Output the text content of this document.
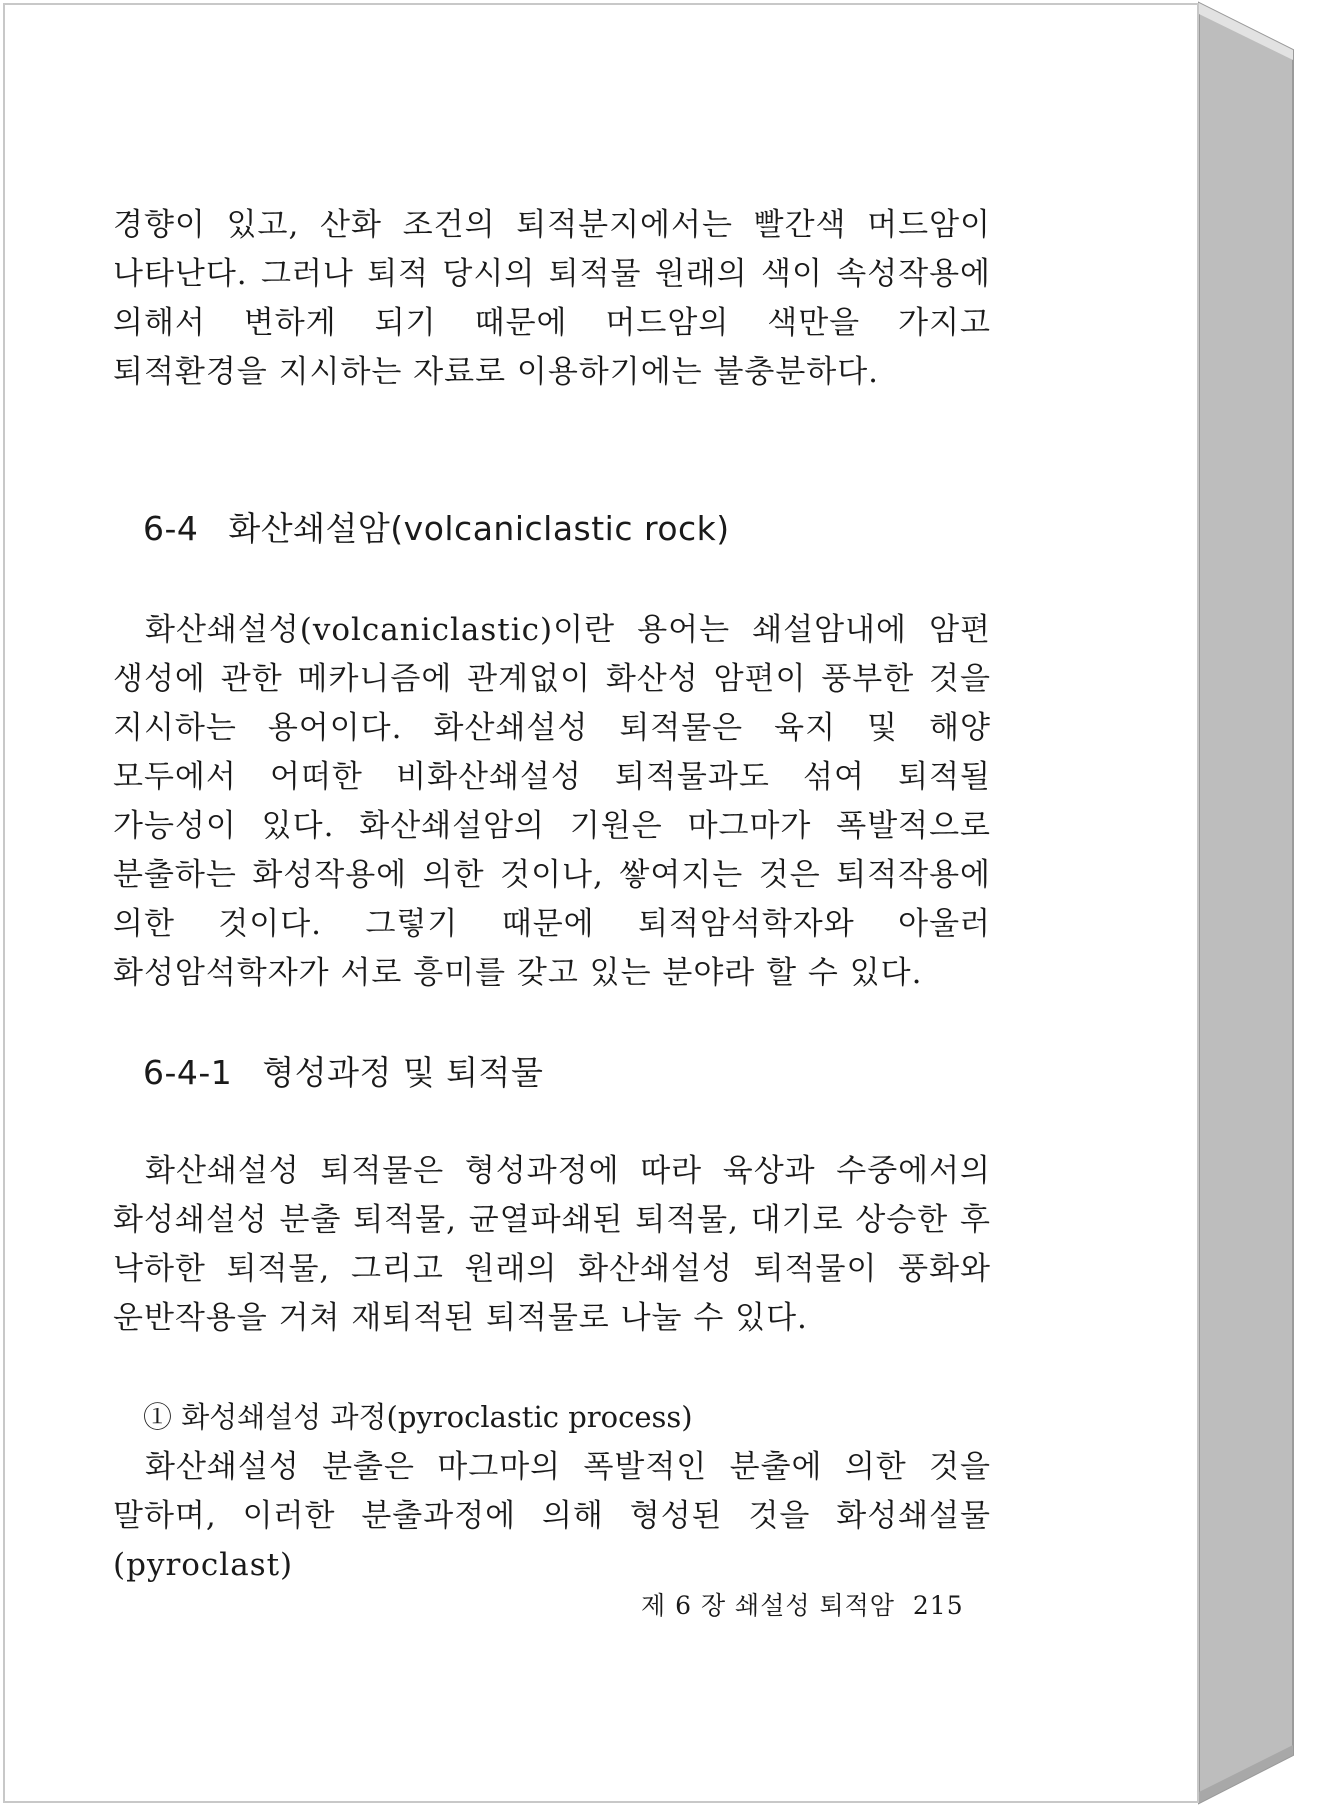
경향이 있고, 산화 조건의 퇴적분지에서는 빨간색 머드암이 나타난다. 그러나 퇴적 당시의 퇴적물 원래의 색이 속성작용에 의해서 변하게 되기 때문에 머드암의 색만을 가지고 퇴적환경을 지시하는 자료로 이용하기에는 불충분하다.

6-4 화산쇄설암(volcaniclastic rock)

화산쇄설성(volcaniclastic)이란 용어는 쇄설암내에 암편 생성에 관한 메카니즘에 관계없이 화산성 암편이 풍부한 것을 지시하는 용어이다. 화산쇄설성 퇴적물은 육지 및 해양 모두에서 어떠한 비화산쇄설성 퇴적물과도 섞여 퇴적될 가능성이 있다. 화산쇄설암의 기원은 마그마가 폭발적으로 분출하는 화성작용에 의한 것이나, 쌓여지는 것은 퇴적작용에 의한 것이다. 그렇기 때문에 퇴적암석학자와 아울러 화성암석학자가 서로 흥미를 갖고 있는 분야라 할 수 있다.

6-4-1 형성과정 및 퇴적물

화산쇄설성 퇴적물은 형성과정에 따라 육상과 수중에서의 화성쇄설성 분출 퇴적물, 균열파쇄된 퇴적물, 대기로 상승한 후 낙하한 퇴적물, 그리고 원래의 화산쇄설성 퇴적물이 풍화와 운반작용을 거쳐 재퇴적된 퇴적물로 나눌 수 있다.

① 화성쇄설성 과정(pyroclastic process)

화산쇄설성 분출은 마그마의 폭발적인 분출에 의한 것을 말하며, 이러한 분출과정에 의해 형성된 것을 화성쇄설물(pyroclast)

제 6 장 쇄설성 퇴적암 215
